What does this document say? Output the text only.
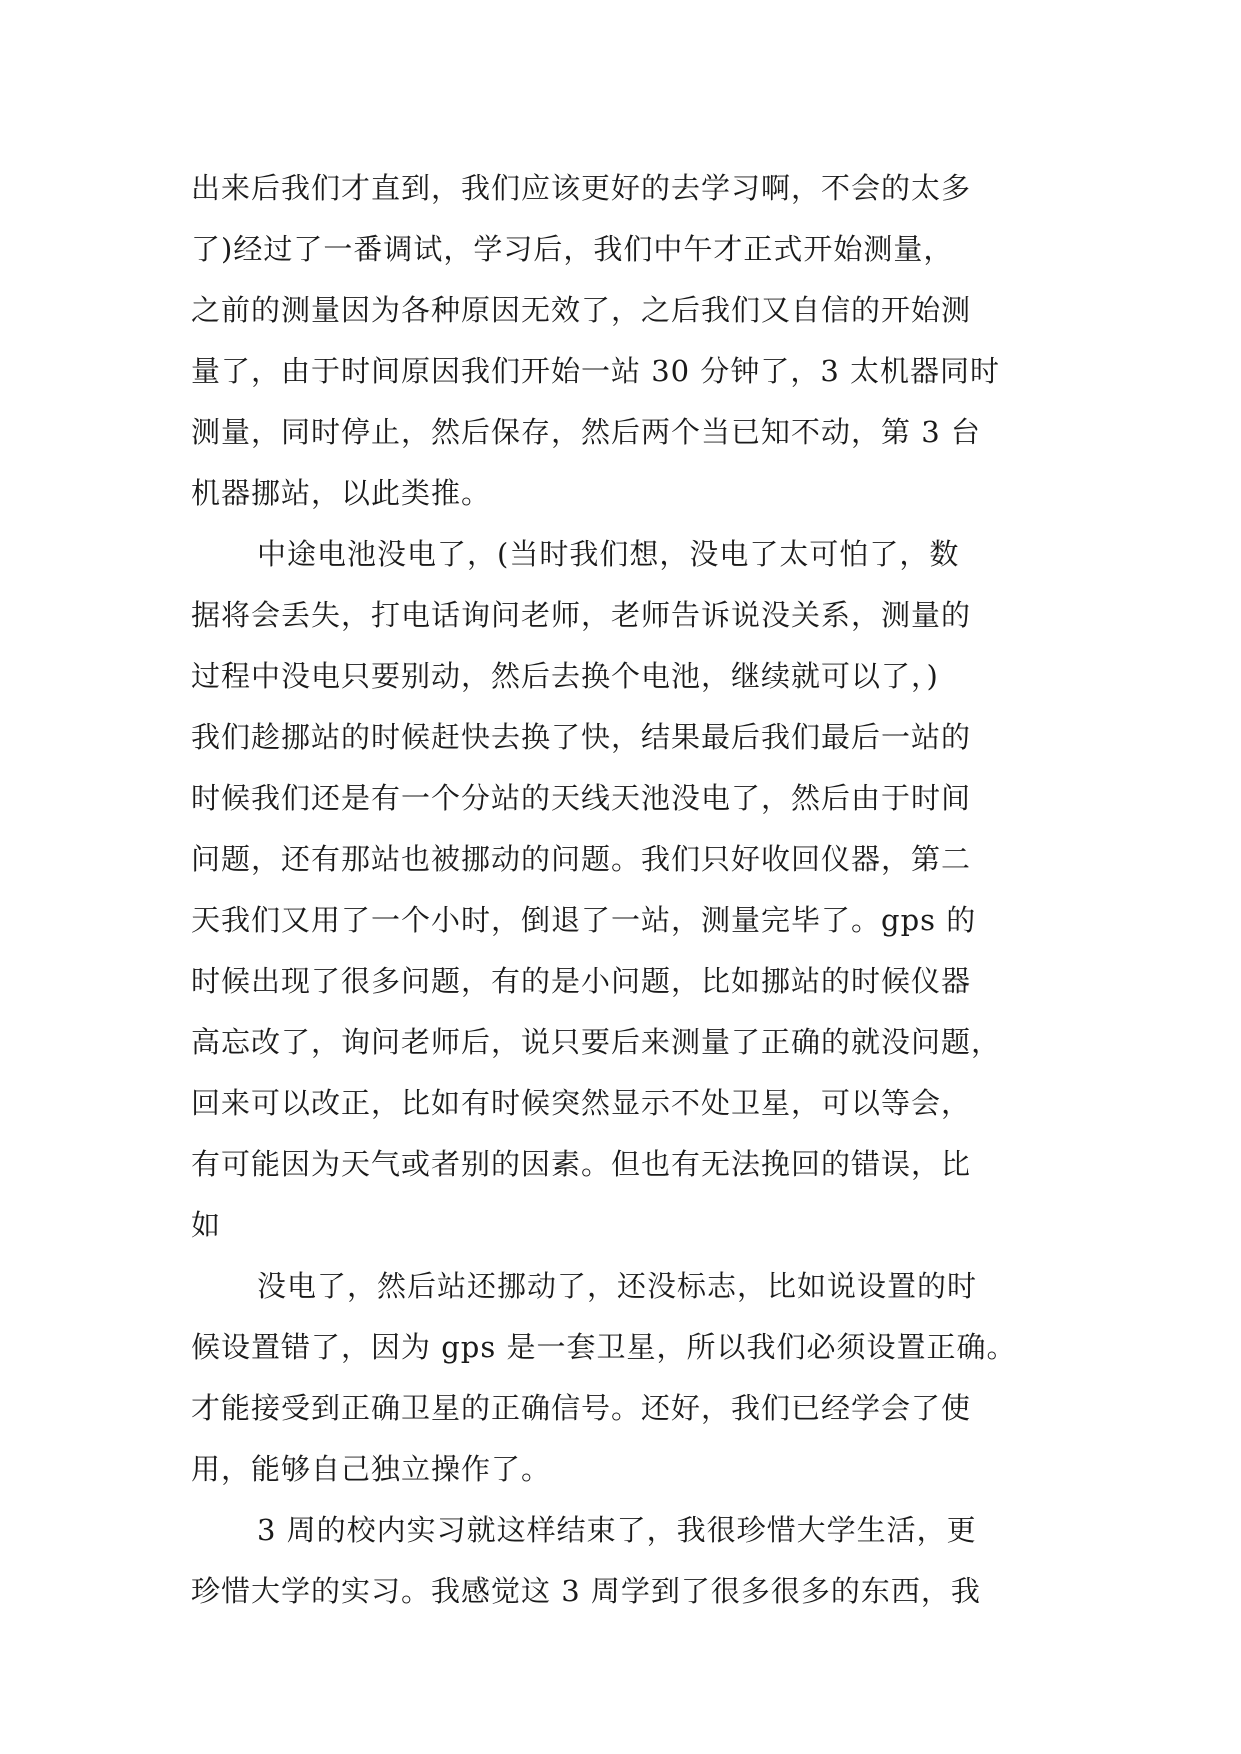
出来后我们才直到，我们应该更好的去学习啊，不会的太多
了)经过了一番调试，学习后，我们中午才正式开始测量，
之前的测量因为各种原因无效了，之后我们又自信的开始测
量了，由于时间原因我们开始一站 30 分钟了，3 太机器同时
测量，同时停止，然后保存，然后两个当已知不动，第 3 台
机器挪站，以此类推。
中途电池没电了，(当时我们想，没电了太可怕了，数
据将会丢失，打电话询问老师，老师告诉说没关系，测量的
过程中没电只要别动，然后去换个电池，继续就可以了，)
我们趁挪站的时候赶快去换了快，结果最后我们最后一站的
时候我们还是有一个分站的天线天池没电了，然后由于时间
问题，还有那站也被挪动的问题。我们只好收回仪器，第二
天我们又用了一个小时，倒退了一站，测量完毕了。gps 的
时候出现了很多问题，有的是小问题，比如挪站的时候仪器
高忘改了，询问老师后，说只要后来测量了正确的就没问题，
回来可以改正，比如有时候突然显示不处卫星，可以等会，
有可能因为天气或者别的因素。但也有无法挽回的错误，比
如
没电了，然后站还挪动了，还没标志，比如说设置的时
候设置错了，因为 gps 是一套卫星，所以我们必须设置正确。
才能接受到正确卫星的正确信号。还好，我们已经学会了使
用，能够自己独立操作了。
3 周的校内实习就这样结束了，我很珍惜大学生活，更
珍惜大学的实习。我感觉这 3 周学到了很多很多的东西，我
